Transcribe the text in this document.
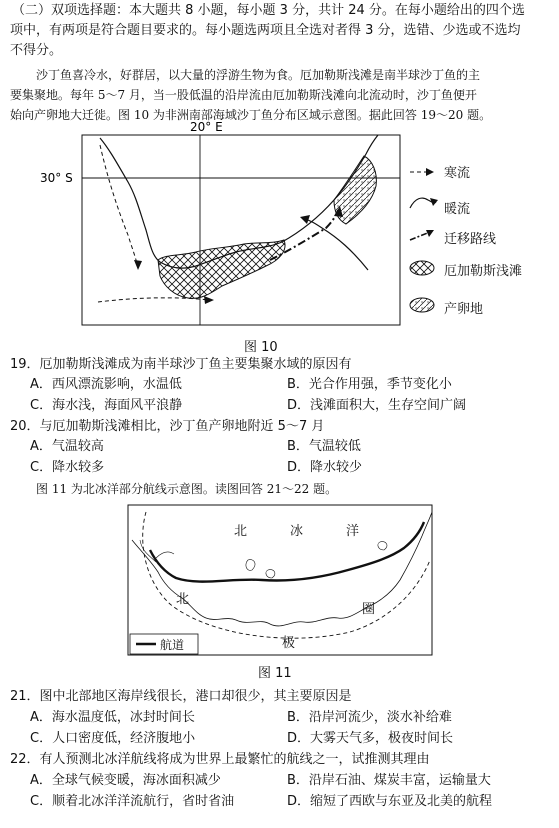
（二）双项选择题：本大题共 8 小题，每小题 3 分，共计 24 分。在每小题给出的四个选
项中，有两项是符合题目要求的。每小题选两项且全选对者得 3 分，选错、少选或不选均
不得分。
沙丁鱼喜冷水，好群居，以大量的浮游生物为食。厄加勒斯浅滩是南半球沙丁鱼的主
要集聚地。每年 5～7 月，当一股低温的沿岸流由厄加勒斯浅滩向北流动时，沙丁鱼便开
始向产卵地大迁徙。图 10 为非洲南部海域沙丁鱼分布区域示意图。据此回答 19～20 题。
20° E
30° S	寒流
暖流
迁移路线
厄加勒斯浅滩
产卵地
图 10
19．厄加勒斯浅滩成为南半球沙丁鱼主要集聚水域的原因有
A．西风漂流影响，水温低	B．光合作用强，季节变化小
C．海水浅，海面风平浪静	D．浅滩面积大，生存空间广阔
20．与厄加勒斯浅滩相比，沙丁鱼产卵地附近 5～7 月
A．气温较高	B．气温较低
C．降水较多	D．降水较少
图 11 为北冰洋部分航线示意图。读图回答 21～22 题。
北	冰	洋
北
极
圈
航道
图 11
21．图中北部地区海岸线很长，港口却很少，其主要原因是
A．海水温度低，冰封时间长	B．沿岸河流少，淡水补给难
C．人口密度低，经济腹地小	D．大雾天气多，极夜时间长
22．有人预测北冰洋航线将成为世界上最繁忙的航线之一，试推测其理由
A．全球气候变暖，海冰面积减少	B．沿岸石油、煤炭丰富，运输量大
C．顺着北冰洋洋流航行，省时省油	D．缩短了西欧与东亚及北美的航程
